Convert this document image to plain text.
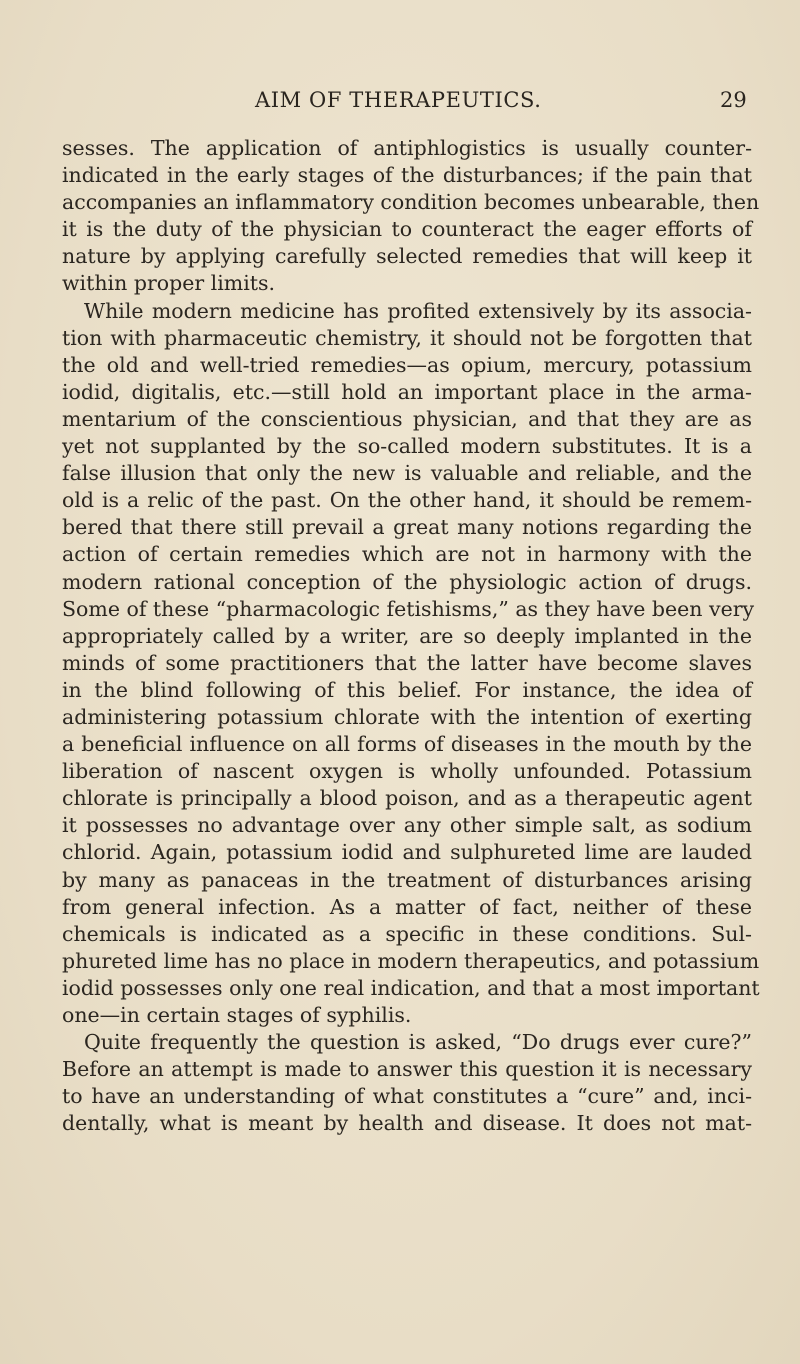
AIM OF THERAPEUTICS.	29
sesses. The application of antiphlogistics is usually counter-
indicated in the early stages of the disturbances; if the pain that
accompanies an inflammatory condition becomes unbearable, then
it is the duty of the physician to counteract the eager efforts of
nature by applying carefully selected remedies that will keep it
within proper limits.
While modern medicine has profited extensively by its associa-
tion with pharmaceutic chemistry, it should not be forgotten that
the old and well-tried remedies—as opium, mercury, potassium
iodid, digitalis, etc.—still hold an important place in the arma-
mentarium of the conscientious physician, and that they are as
yet not supplanted by the so-called modern substitutes. It is a
false illusion that only the new is valuable and reliable, and the
old is a relic of the past. On the other hand, it should be remem-
bered that there still prevail a great many notions regarding the
action of certain remedies which are not in harmony with the
modern rational conception of the physiologic action of drugs.
Some of these “pharmacologic fetishisms,” as they have been very
appropriately called by a writer, are so deeply implanted in the
minds of some practitioners that the latter have become slaves
in the blind following of this belief. For instance, the idea of
administering potassium chlorate with the intention of exerting
a beneficial influence on all forms of diseases in the mouth by the
liberation of nascent oxygen is wholly unfounded. Potassium
chlorate is principally a blood poison, and as a therapeutic agent
it possesses no advantage over any other simple salt, as sodium
chlorid. Again, potassium iodid and sulphureted lime are lauded
by many as panaceas in the treatment of disturbances arising
from general infection. As a matter of fact, neither of these
chemicals is indicated as a specific in these conditions. Sul-
phureted lime has no place in modern therapeutics, and potassium
iodid possesses only one real indication, and that a most important
one—in certain stages of syphilis.
Quite frequently the question is asked, “Do drugs ever cure?”
Before an attempt is made to answer this question it is necessary
to have an understanding of what constitutes a “cure” and, inci-
dentally, what is meant by health and disease. It does not mat-
